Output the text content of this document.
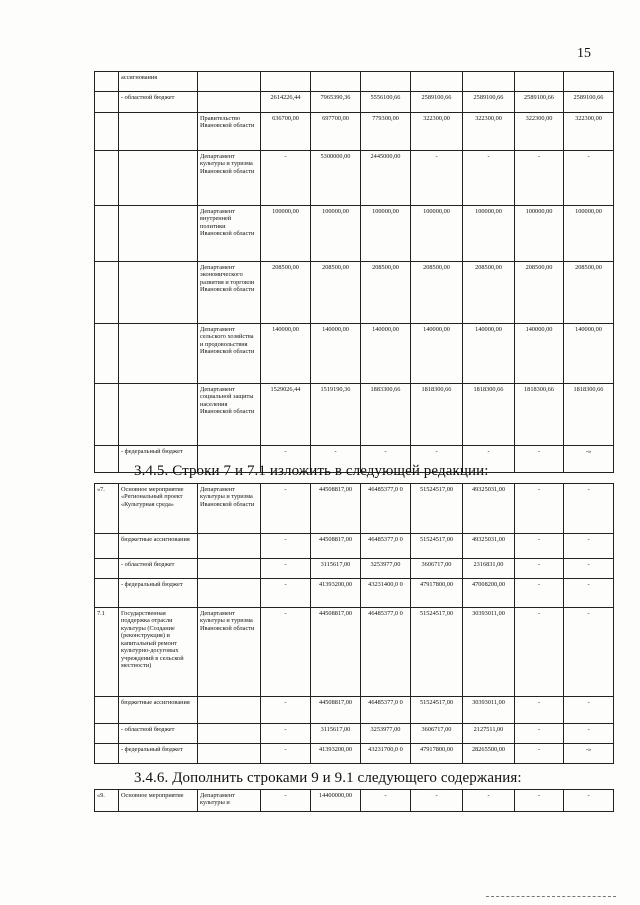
15
	ассигнования								
	- областной бюджет		2614226,44	7965390,36	5556100,66	2589100,66	2589100,66	2589100,66	2589100,66
		Правительство Ивановской области	636700,00	697700,00	779300,00	322300,00	322300,00	322300,00	322300,00
		Департамент культуры и туризма Ивановской области	-	5300000,00	2445000,00	-	-	-	-
		Департамент внутренней политики Ивановской области	100000,00	100000,00	100000,00	100000,00	100000,00	100000,00	100000,00
		Департамент экономического развития и торговли Ивановской области	208500,00	208500,00	208500,00	208500,00	208500,00	208500,00	208500,00
		Департамент сельского хозяйства и продовольствия Ивановской области	140000,00	140000,00	140000,00	140000,00	140000,00	140000,00	140000,00
		Департамент социальной защиты населения Ивановской области	1529026,44	1519190,36	1883300,66	1818300,66	1818300,66	1818300,66	1818300,66
	- федеральный бюджет		-	-	-	-	-	-	-»
3.4.5. Строки 7 и 7.1 изложить в следующей редакции:
«7.	Основное мероприятие «Региональный проект «Культурная среда»	Департамент культуры и туризма Ивановской области	-	44508817,00	46485377,0 0	51524517,00	49325031,00	-	-
	бюджетные ассигнования		-	44508817,00	46485377,0 0	51524517,00	49325031,00	-	-
	- областной бюджет		-	3115617,00	3253977,00	3606717,00	2316831,00	-	-
	- федеральный бюджет		-	41393200,00	43231400,0 0	47917800,00	47008200,00	-	-
7.1	Государственная поддержка отрасли культуры (Создание (реконструкция) и капитальный ремонт культурно-досуговых учреждений в сельской местности)	Департамент культуры и туризма Ивановской области	-	44508817,00	46485377,0 0	51524517,00	30393011,00	-	-
	бюджетные ассигнования		-	44508817,00	46485377,0 0	51524517,00	30393011,00	-	-
	- областной бюджет		-	3115617,00	3253977,00	3606717,00	2127511,00	-	-
	- федеральный бюджет		-	41393200,00	43231700,0 0	47917800,00	28265500,00	-	-»
3.4.6. Дополнить строками 9 и 9.1 следующего содержания:
«9.	Основное мероприятие	Департамент культуры и	-	14400000,00	-	-	-	-	-
